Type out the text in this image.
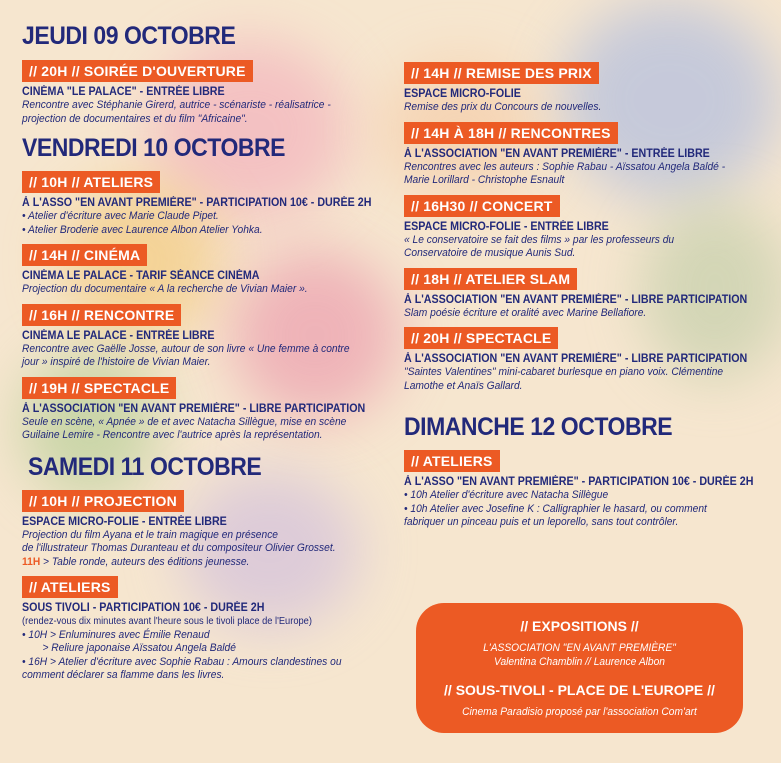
JEUDI 09 OCTOBRE
// 20H // SOIRÉE D'OUVERTURE
CINÉMA "LE PALACE" - ENTRÉE LIBRE
Rencontre avec Stéphanie Girerd, autrice - scénariste - réalisatrice -
projection de documentaires et du film "Africaine".
VENDREDI 10 OCTOBRE
// 10H // ATELIERS
À L'ASSO "EN AVANT PREMIÈRE" - PARTICIPATION 10€ - DURÉE 2H
• Atelier d'écriture avec Marie Claude Pipet.
• Atelier Broderie avec Laurence Albon Atelier Yohka.
// 14H // CINÉMA
CINÉMA LE PALACE - TARIF SÉANCE CINÉMA
Projection du documentaire « A la recherche de Vivian Maier ».
// 16H // RENCONTRE
CINÉMA LE PALACE - ENTRÉE LIBRE
Rencontre avec Gaëlle Josse, autour de son livre « Une femme à contre
jour » inspiré de l'histoire de Vivian Maier.
// 19H // SPECTACLE
À L'ASSOCIATION "EN AVANT PREMIÈRE" - LIBRE PARTICIPATION
Seule en scène, « Apnée » de et avec Natacha Sillègue, mise en scène
Guilaine Lemire - Rencontre avec l'autrice après la représentation.
SAMEDI 11 OCTOBRE
// 10H // PROJECTION
ESPACE MICRO-FOLIE - ENTRÉE LIBRE
Projection du film Ayana et le train magique en présence
de l'illustrateur Thomas Duranteau et du compositeur Olivier Grosset.
11H > Table ronde, auteurs des éditions jeunesse.
// ATELIERS
SOUS TIVOLI - PARTICIPATION 10€ - DURÉE 2H
(rendez-vous dix minutes avant l'heure sous le tivoli place de l'Europe)
• 10H > Enluminures avec Émilie Renaud
> Reliure japonaise Aïssatou Angela Baldé
• 16H > Atelier d'écriture avec Sophie Rabau : Amours clandestines ou
comment déclarer sa flamme dans les livres.
// 14H // REMISE DES PRIX
ESPACE MICRO-FOLIE
Remise des prix du Concours de nouvelles.
// 14H À 18H // RENCONTRES
À L'ASSOCIATION "EN AVANT PREMIÈRE" - ENTRÉE LIBRE
Rencontres avec les auteurs : Sophie Rabau - Aïssatou Angela Baldé -
Marie Lorillard - Christophe Esnault
// 16H30 // CONCERT
ESPACE MICRO-FOLIE - ENTRÉE LIBRE
« Le conservatoire se fait des films » par les professeurs du
Conservatoire de musique Aunis Sud.
// 18H // ATELIER SLAM
À L'ASSOCIATION "EN AVANT PREMIÈRE" - LIBRE PARTICIPATION
Slam poésie écriture et oralité avec Marine Bellafiore.
// 20H // SPECTACLE
À L'ASSOCIATION "EN AVANT PREMIÈRE" - LIBRE PARTICIPATION
"Saintes Valentines" mini-cabaret burlesque en piano voix. Clémentine
Lamothe et Anaïs Gallard.
DIMANCHE 12 OCTOBRE
// ATELIERS
À L'ASSO "EN AVANT PREMIÈRE" - PARTICIPATION 10€ - DURÉE 2H
• 10h Atelier d'écriture avec Natacha Sillègue
• 10h Atelier avec Josefine K : Calligraphier le hasard, ou comment
fabriquer un pinceau puis et un leporello, sans tout contrôler.
// EXPOSITIONS //
L'ASSOCIATION "EN AVANT PREMIÈRE"
Valentina Chamblin // Laurence Albon
// SOUS-TIVOLI - PLACE DE L'EUROPE //
Cinema Paradisio proposé par l'association Com'art
